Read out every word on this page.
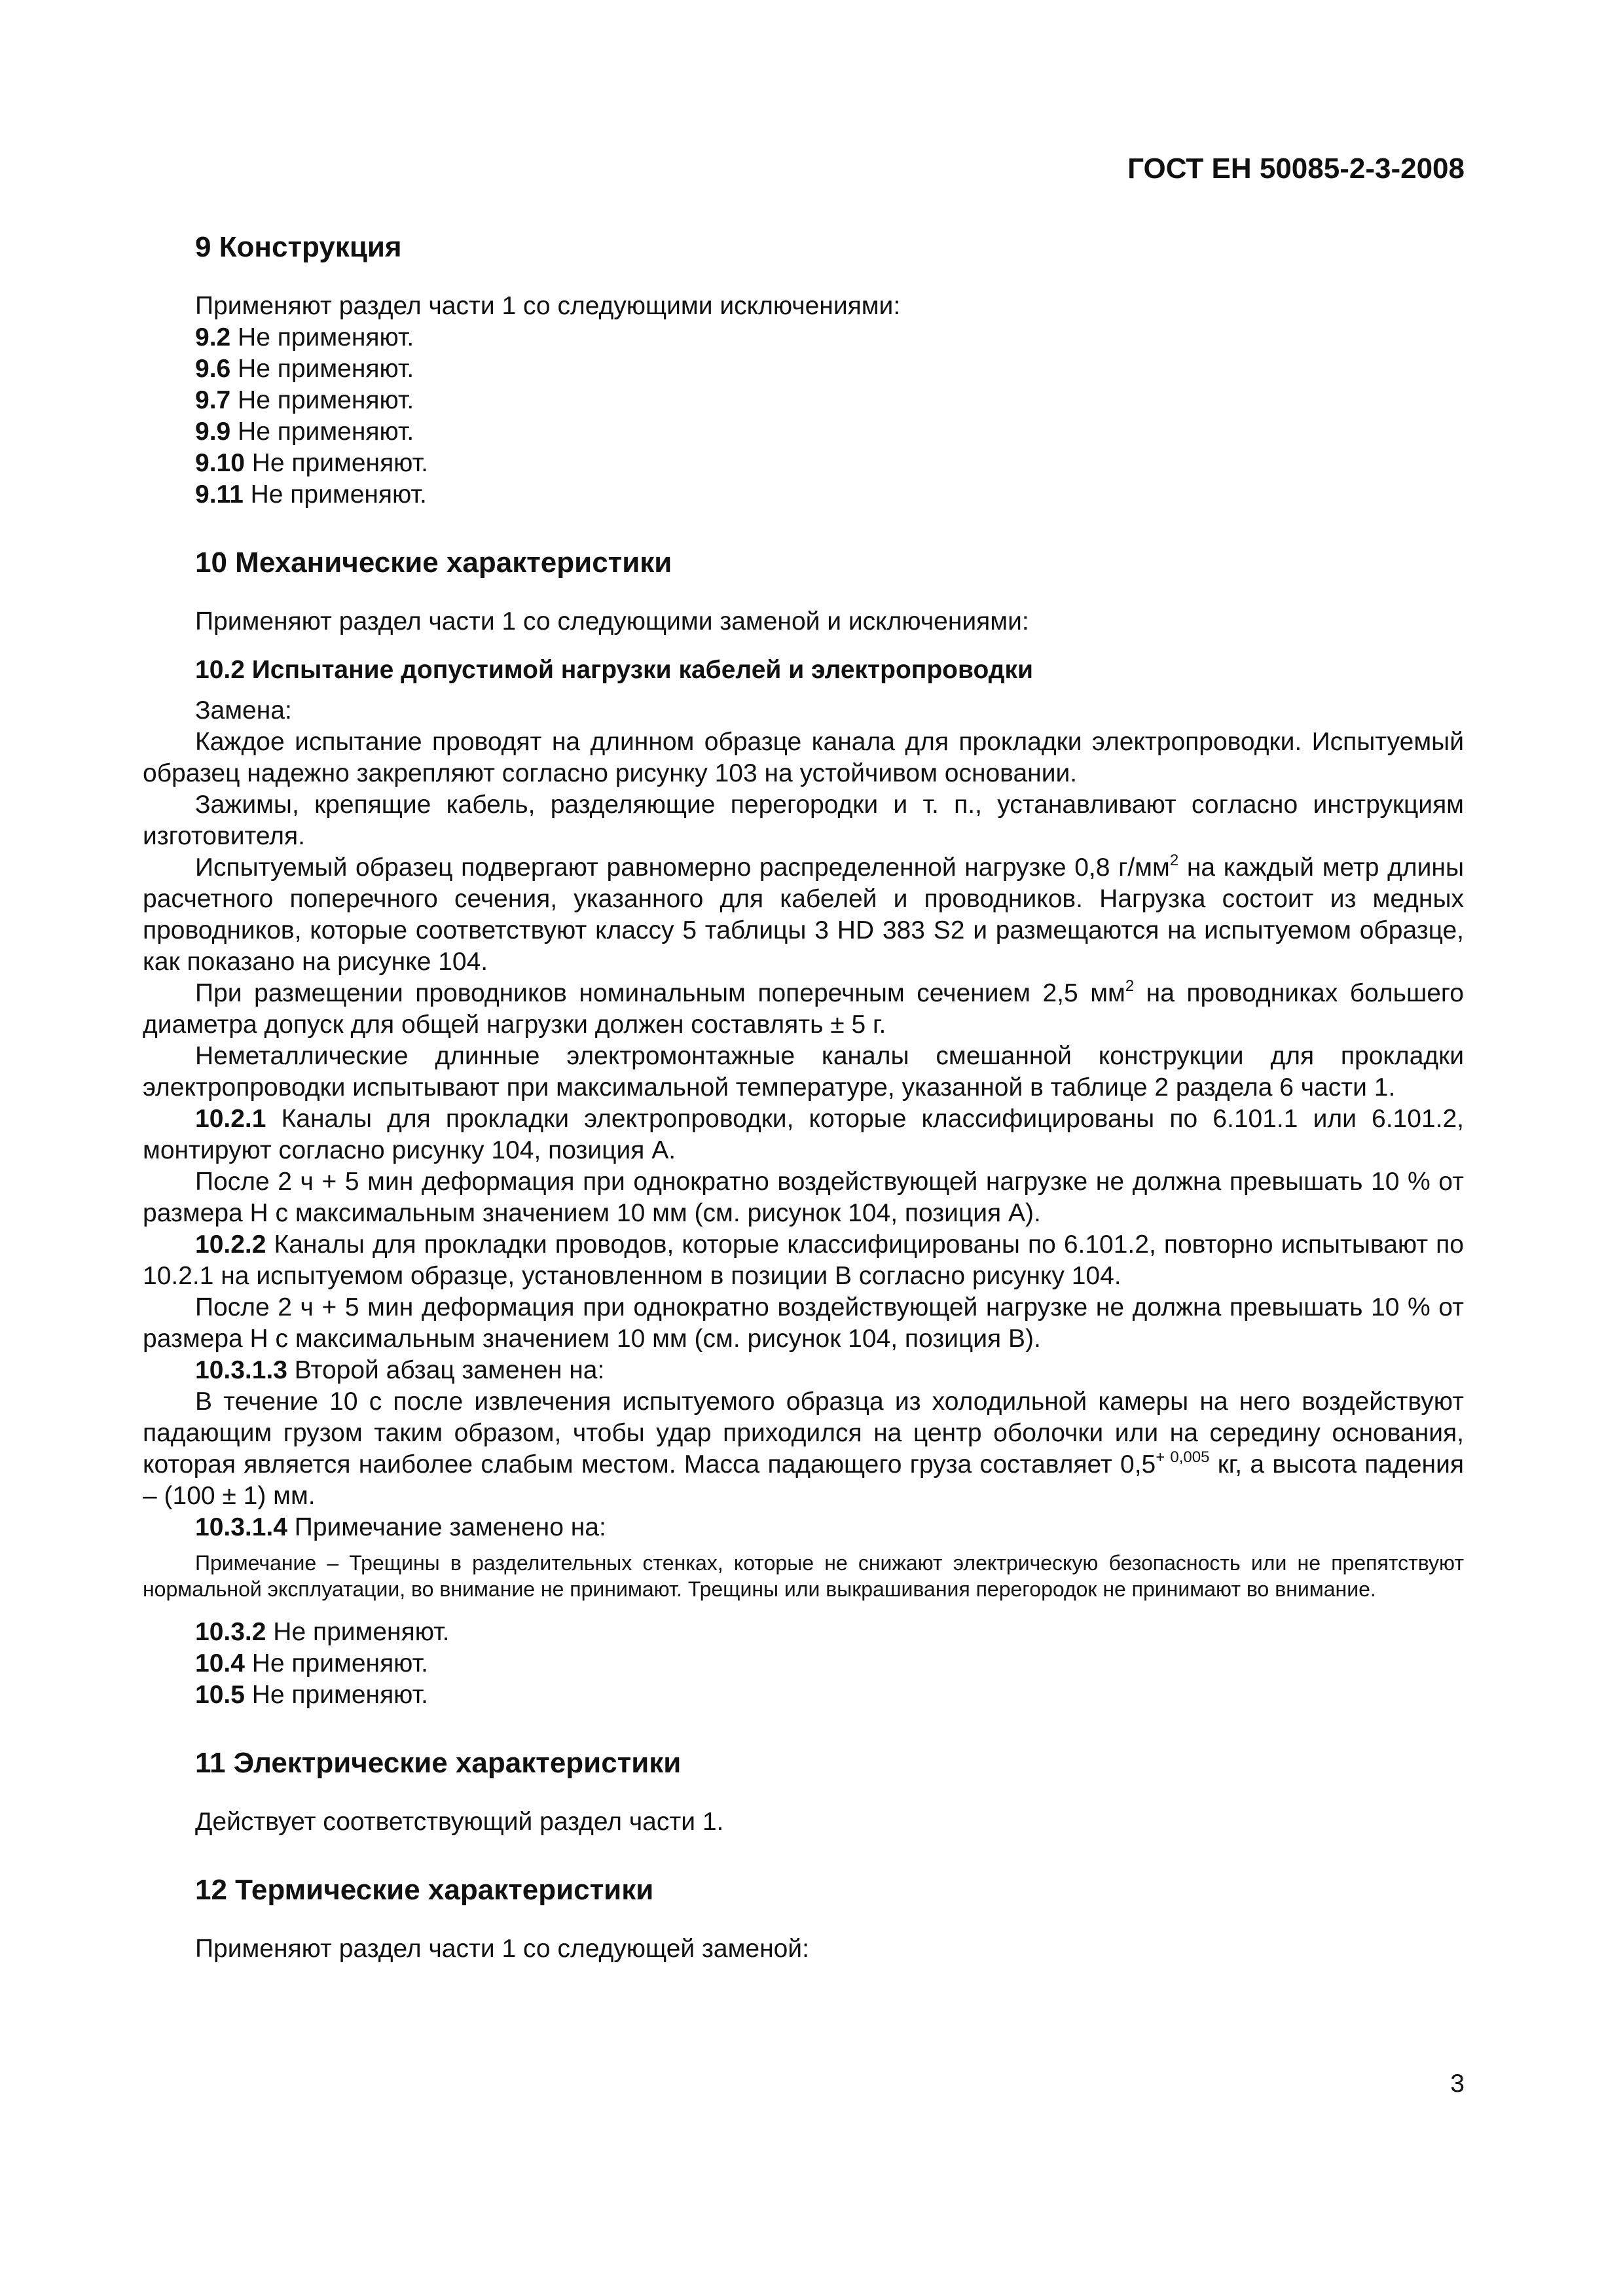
ГОСТ ЕН 50085-2-3-2008
9 Конструкция

Применяют раздел части 1 со следующими исключениями:

9.2 Не применяют.
9.6 Не применяют.
9.7 Не применяют.
9.9 Не применяют.
9.10 Не применяют.
9.11 Не применяют.
10 Механические характеристики

Применяют раздел части 1 со следующими заменой и исключениями:

10.2 Испытание допустимой нагрузки кабелей и электропроводки

Замена:

Каждое испытание проводят на длинном образце канала для прокладки электропроводки. Испытуемый образец надежно закрепляют согласно рисунку 103 на устойчивом основании.

Зажимы, крепящие кабель, разделяющие перегородки и т. п., устанавливают согласно инструкциям изготовителя.

Испытуемый образец подвергают равномерно распределенной нагрузке 0,8 $г/мм^2$ на каждый метр длины расчетного поперечного сечения, указанного для кабелей и проводников. Нагрузка состоит из медных проводников, которые соответствуют классу 5 таблицы 3 HD 383 S2 и размещаются на испытуемом образце, как показано на рисунке 104.

При размещении проводников номинальным поперечным сечением 2,5 $мм^2$ на проводниках большего диаметра допуск для общей нагрузки должен составлять ± 5 г.

Неметаллические длинные электромонтажные каналы смешанной конструкции для прокладки электропроводки испытывают при максимальной температуре, указанной в таблице 2 раздела 6 части 1.

10.2.1 Каналы для прокладки электропроводки, которые классифицированы по 6.101.1 или 6.101.2, монтируют согласно рисунку 104, позиция А.

После 2 ч + 5 мин деформация при однократно воздействующей нагрузке не должна превышать 10 % от размера Н с максимальным значением 10 мм (см. рисунок 104, позиция А).

10.2.2 Каналы для прокладки проводов, которые классифицированы по 6.101.2, повторно испытывают по 10.2.1 на испытуемом образце, установленном в позиции В согласно рисунку 104.

После 2 ч + 5 мин деформация при однократно воздействующей нагрузке не должна превышать 10 % от размера Н с максимальным значением 10 мм (см. рисунок 104, позиция В).

10.3.1.3 Второй абзац заменен на:

В течение 10 с после извлечения испытуемого образца из холодильной камеры на него воздействуют падающим грузом таким образом, чтобы удар приходился на центр оболочки или на середину основания, которая является наиболее слабым местом. Масса падающего груза составляет $0,5^{+ 0,005}$ кг, а высота падения – (100 ± 1) мм.

10.3.1.4 Примечание заменено на:

Примечание – Трещины в разделительных стенках, которые не снижают электрическую безопасность или не препятствуют нормальной эксплуатации, во внимание не принимают. Трещины или выкрашивания перегородок не принимают во внимание.

10.3.2 Не применяют.
10.4 Не применяют.
10.5 Не применяют.
11 Электрические характеристики

Действует соответствующий раздел части 1.

12 Термические характеристики

Применяют раздел части 1 со следующей заменой:

3
